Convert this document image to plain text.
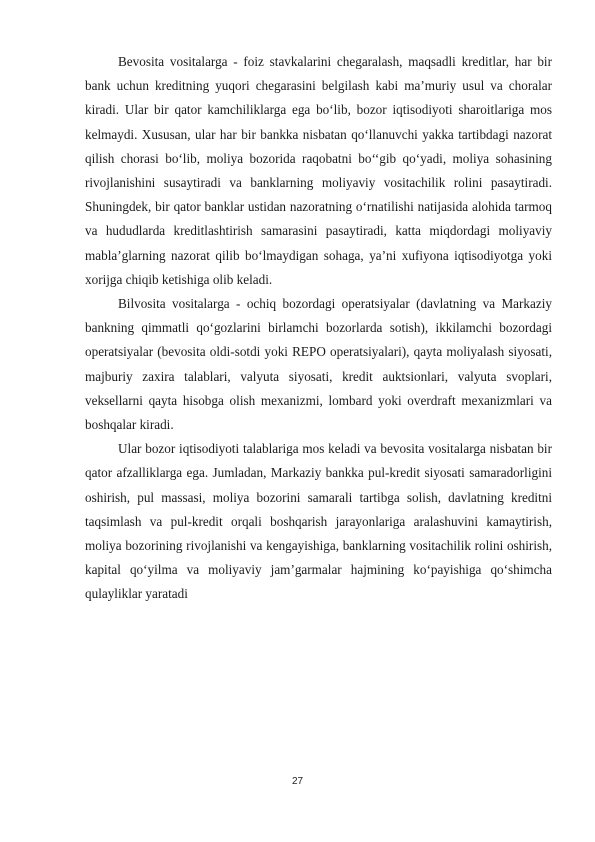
Bevosita vositalarga - foiz stavkalarini chegaralash, maqsadli kreditlar, har bir bank uchun kreditning yuqori chegarasini belgilash kabi ma’muriy usul va choralar kiradi. Ular bir qator kamchiliklarga ega bo‘lib, bozor iqtisodiyoti sharoitlariga mos kelmaydi. Xususan, ular har bir bankka nisbatan qo‘llanuvchi yakka tartibdagi nazorat qilish chorasi bo‘lib, moliya bozorida raqobatni bo‘‘gib qo‘yadi, moliya sohasining rivojlanishini susaytiradi va banklarning moliyaviy vositachilik rolini pasaytiradi. Shuningdek, bir qator banklar ustidan nazoratning o‘rnatilishi natijasida alohida tarmoq va hududlarda kreditlashtirish samarasini pasaytiradi, katta miqdordagi moliyaviy mabla’glarning nazorat qilib bo‘lmaydigan sohaga, ya’ni xufiyona iqtisodiyotga yoki xorijga chiqib ketishiga olib keladi.

Bilvosita vositalarga - ochiq bozordagi operatsiyalar (davlatning va Markaziy bankning qimmatli qo‘gozlarini birlamchi bozorlarda sotish), ikkilamchi bozordagi operatsiyalar (bevosita oldi-sotdi yoki REPO operatsiyalari), qayta moliyalash siyosati, majburiy zaxira talablari, valyuta siyosati, kredit auktsionlari, valyuta svoplari, veksellarni qayta hisobga olish mexanizmi, lombard yoki overdraft mexanizmlari va boshqalar kiradi.

Ular bozor iqtisodiyoti talablariga mos keladi va bevosita vositalarga nisbatan bir qator afzalliklarga ega. Jumladan, Markaziy bankka pul-kredit siyosati samaradorligini oshirish, pul massasi, moliya bozorini samarali tartibga solish, davlatning kreditni taqsimlash va pul-kredit orqali boshqarish jarayonlariga aralashuvini kamaytirish, moliya bozorining rivojlanishi va kengayishiga, banklarning vositachilik rolini oshirish, kapital qo‘yilma va moliyaviy jam’garmalar hajmining ko‘payishiga qo‘shimcha qulayliklar yaratadi

27
